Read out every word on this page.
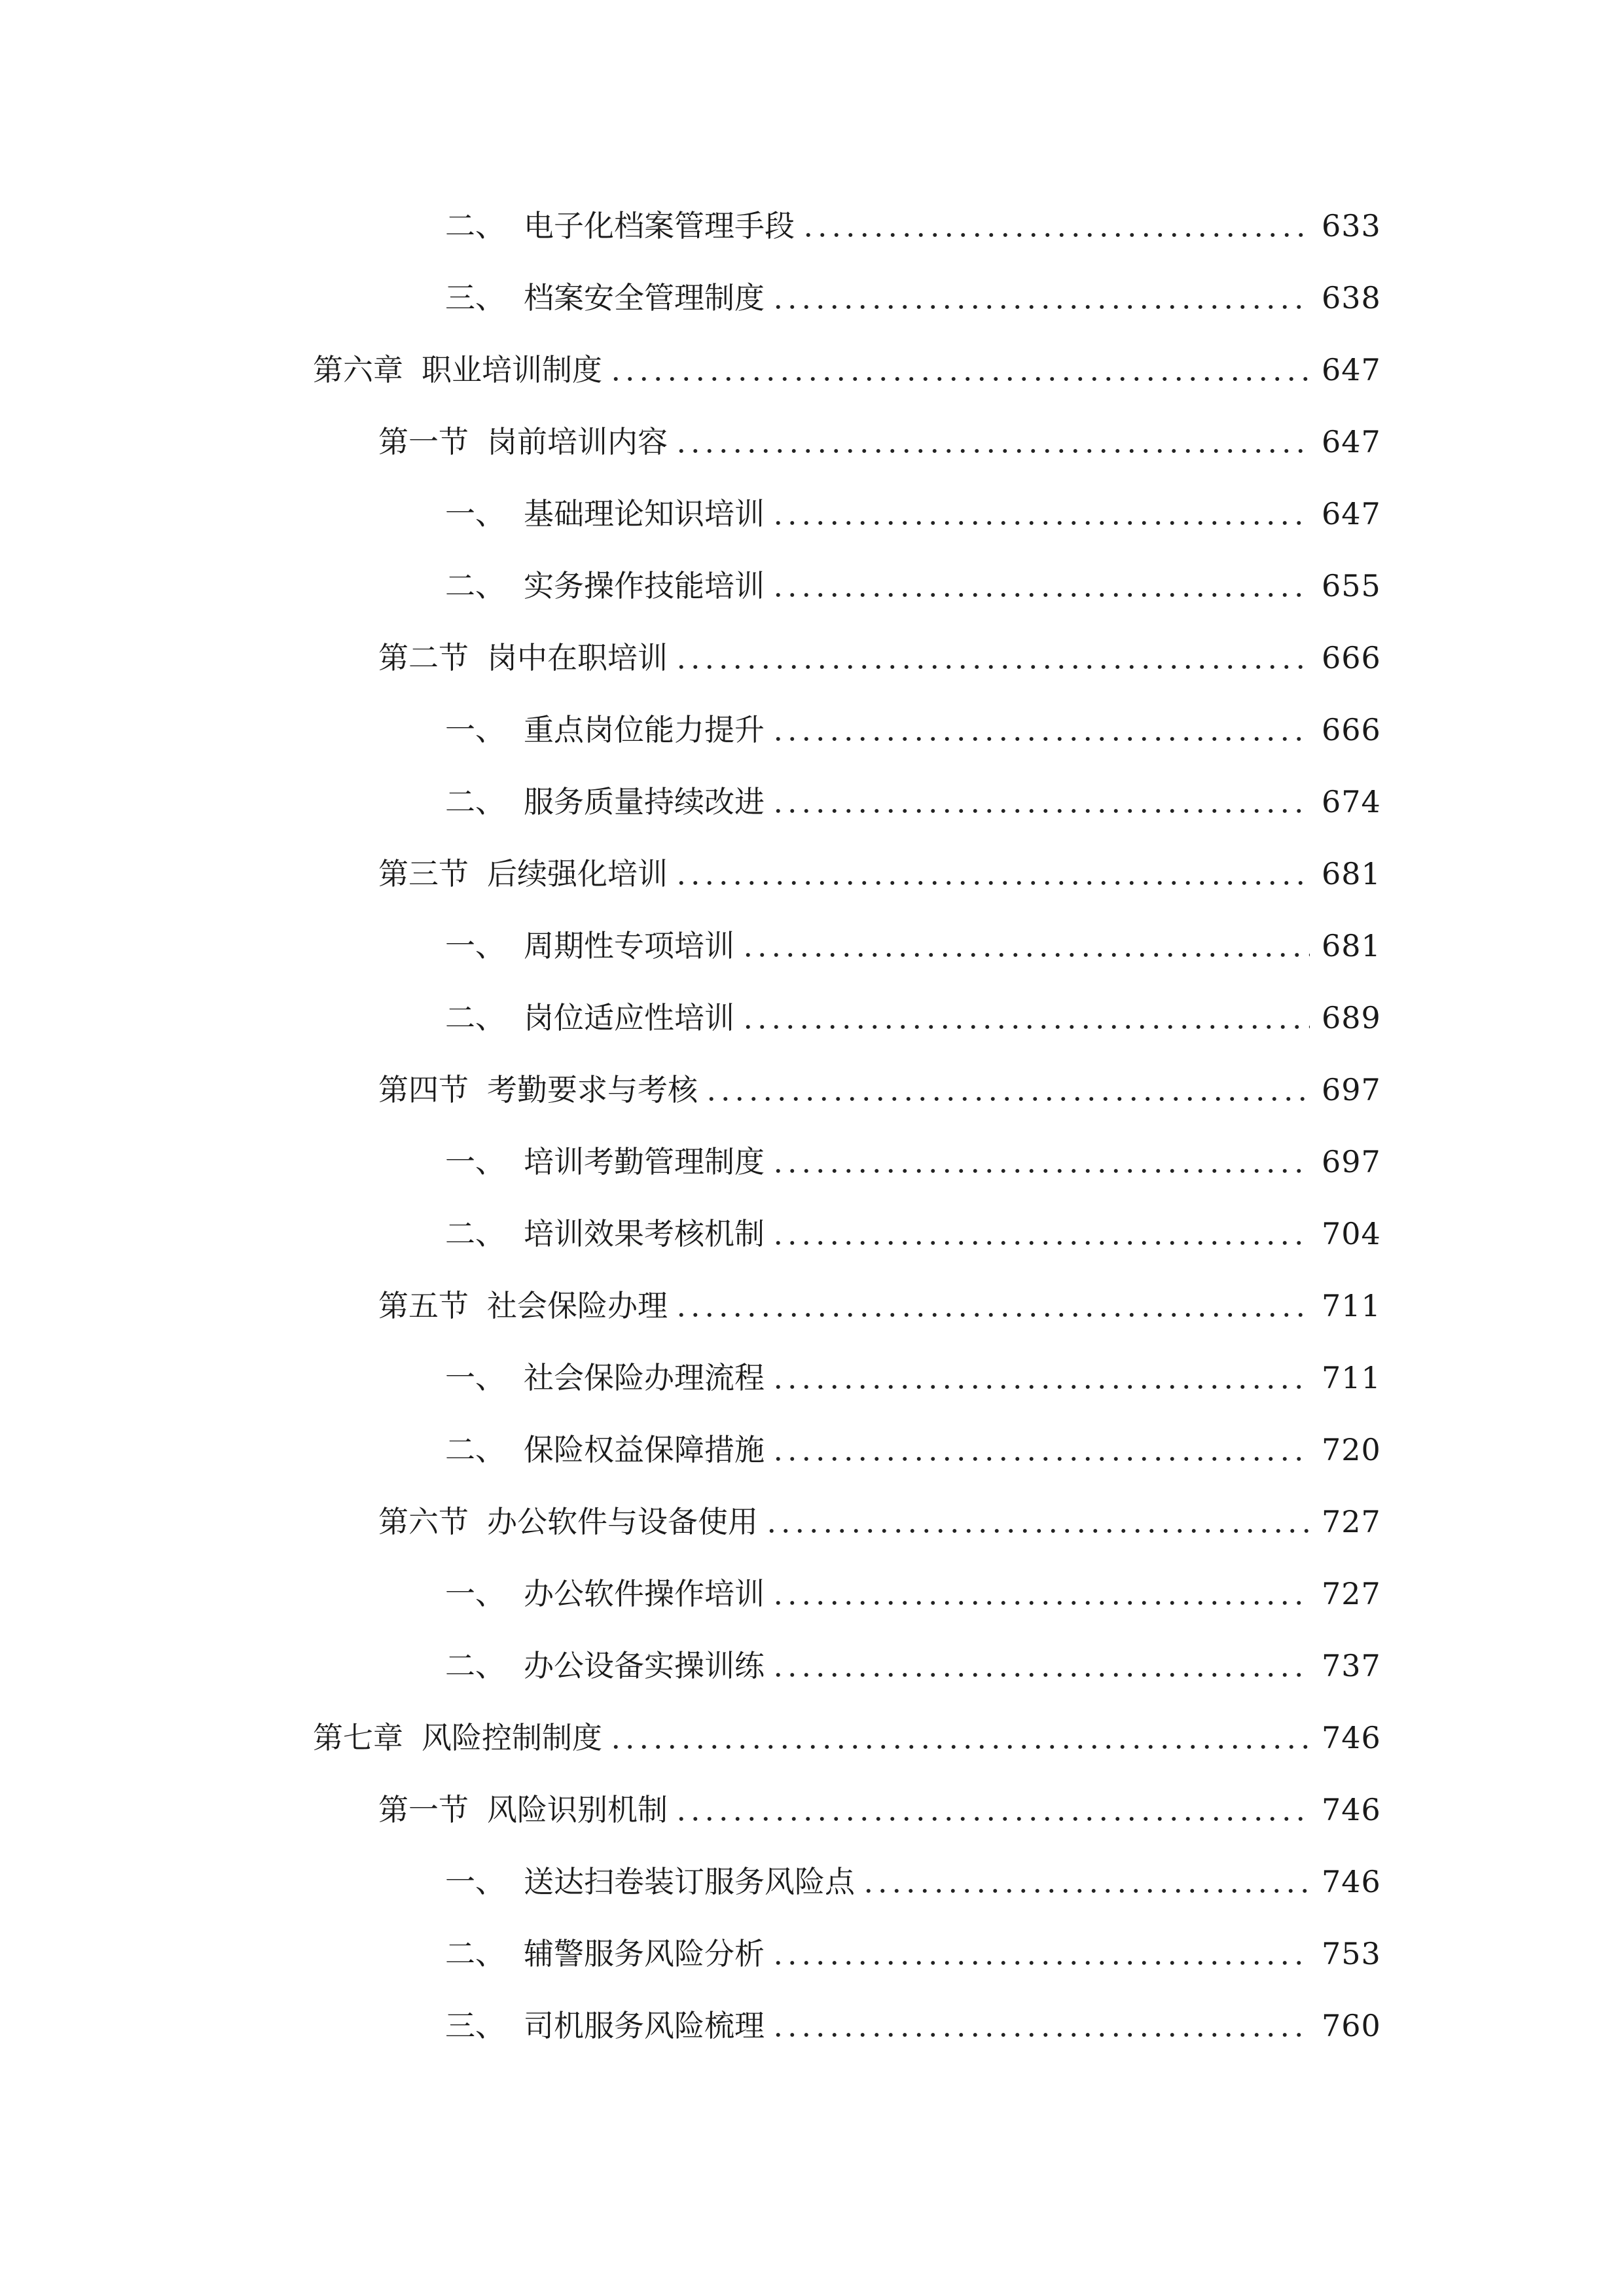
二、 电子化档案管理手段	633
三、 档案安全管理制度	638
第六章 职业培训制度	647
第一节 岗前培训内容	647
一、 基础理论知识培训	647
二、 实务操作技能培训	655
第二节 岗中在职培训	666
一、 重点岗位能力提升	666
二、 服务质量持续改进	674
第三节 后续强化培训	681
一、 周期性专项培训	681
二、 岗位适应性培训	689
第四节 考勤要求与考核	697
一、 培训考勤管理制度	697
二、 培训效果考核机制	704
第五节 社会保险办理	711
一、 社会保险办理流程	711
二、 保险权益保障措施	720
第六节 办公软件与设备使用	727
一、 办公软件操作培训	727
二、 办公设备实操训练	737
第七章 风险控制制度	746
第一节 风险识别机制	746
一、 送达扫卷装订服务风险点	746
二、 辅警服务风险分析	753
三、 司机服务风险梳理	760
